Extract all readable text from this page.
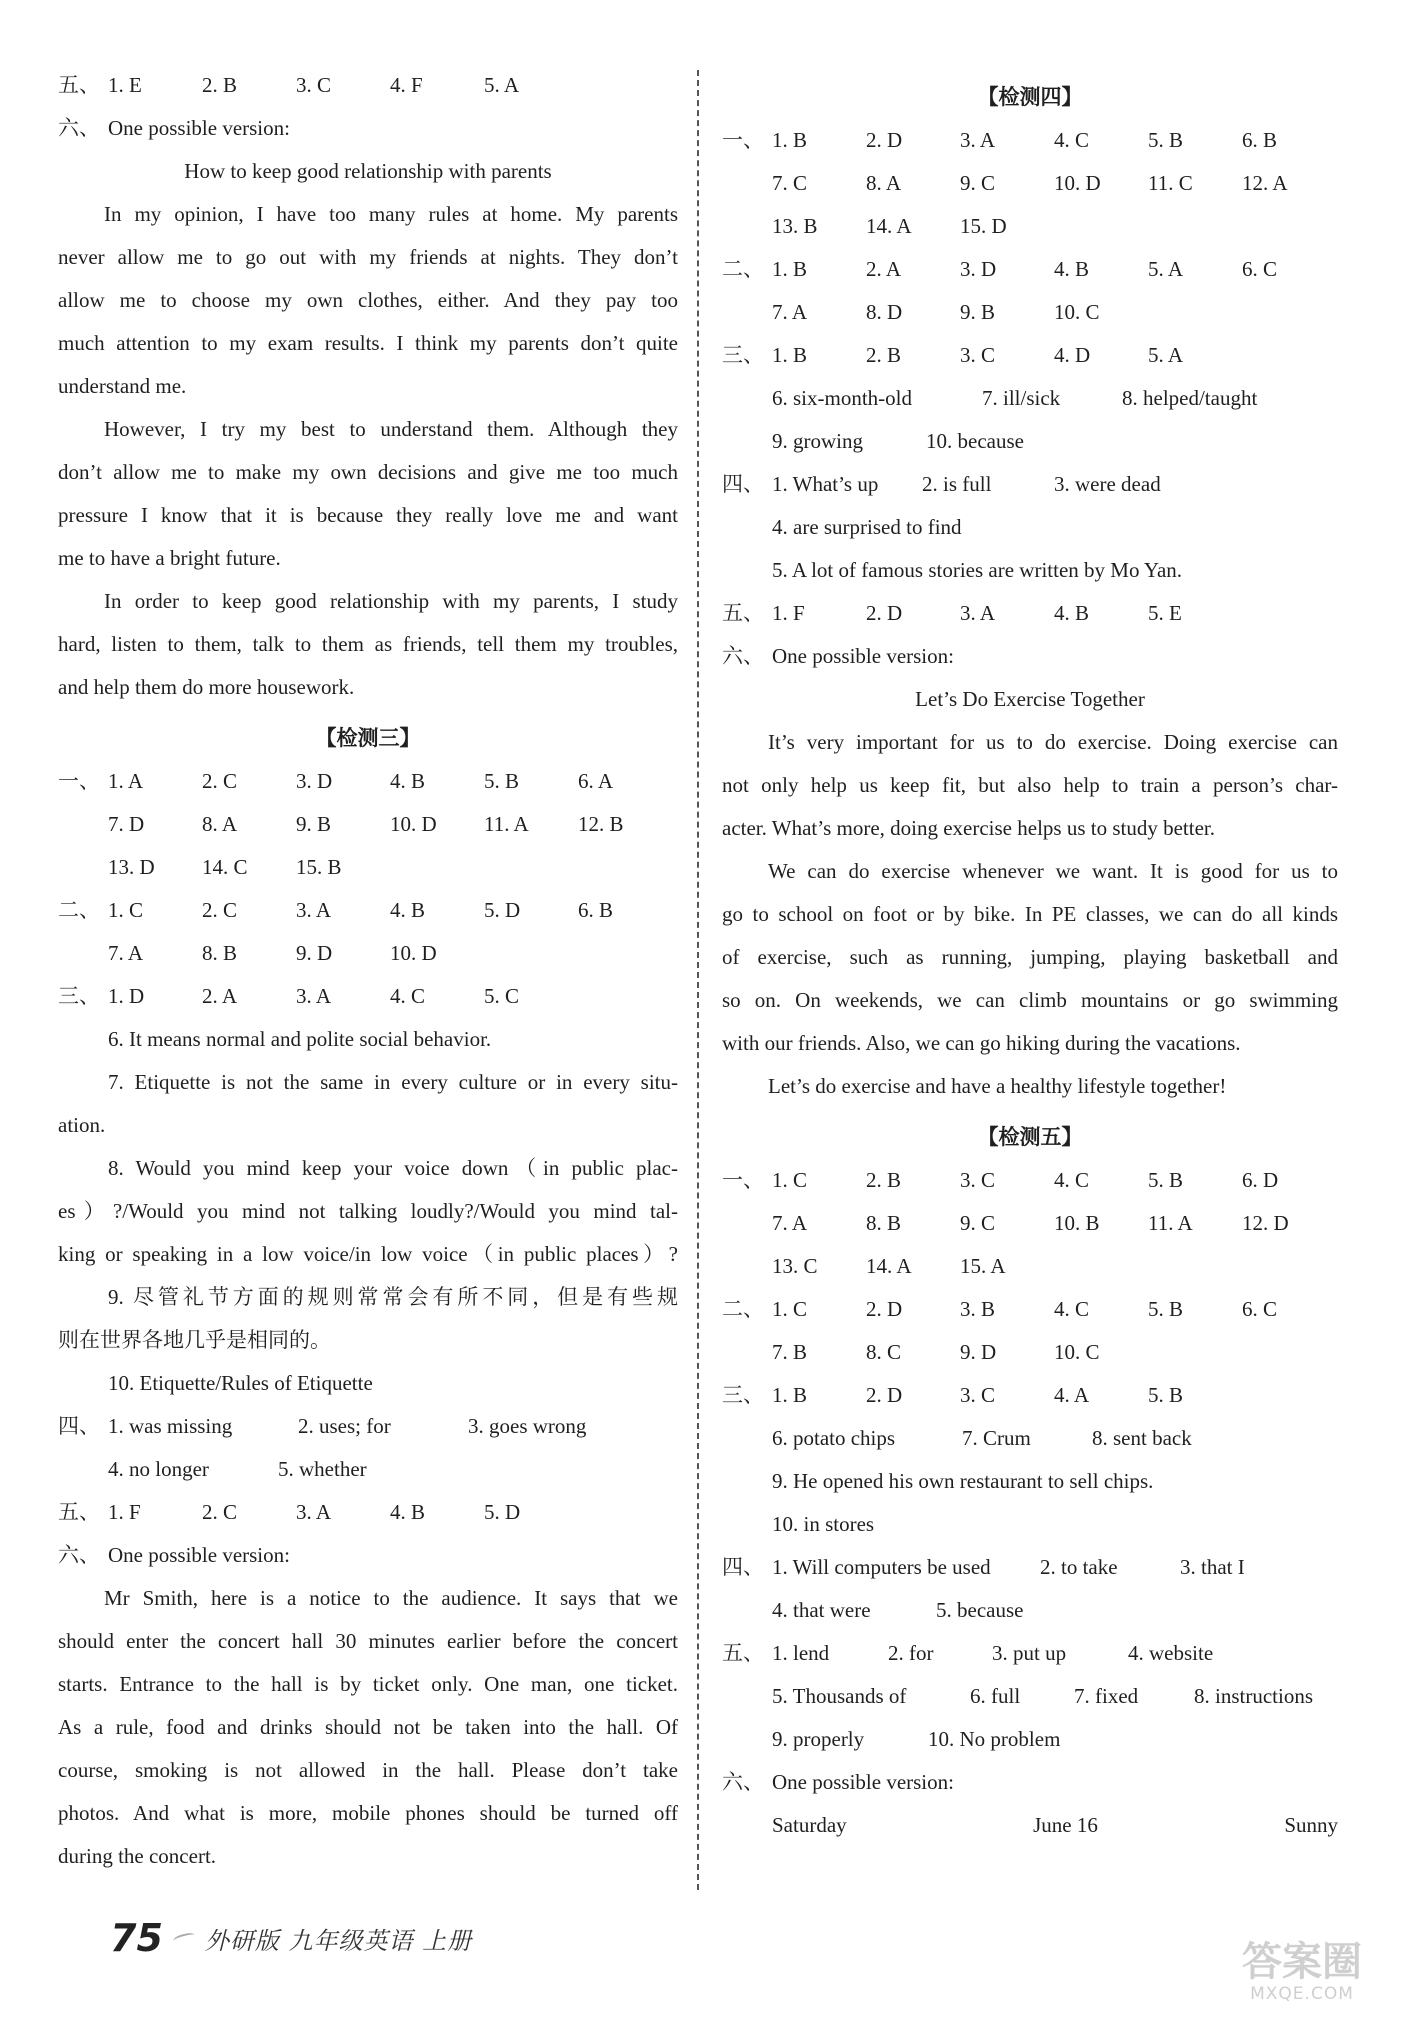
五、 1. E	2. B	3. C	4. F	5. A
六、 One possible version:
How to keep good relationship with parents
In my opinion, I have too many rules at home. My parents
never allow me to go out with my friends at nights. They don’t
allow me to choose my own clothes, either. And they pay too
much attention to my exam results. I think my parents don’t quite
understand me.
However, I try my best to understand them. Although they
don’t allow me to make my own decisions and give me too much
pressure I know that it is because they really love me and want
me to have a bright future.
In order to keep good relationship with my parents, I study
hard, listen to them, talk to them as friends, tell them my troubles,
and help them do more housework.
【检测三】
一、 1. A	2. C	3. D	4. B	5. B	6. A
7. D	8. A	9. B	10. D 11. A 12. B
13. D 14. C 15. B
二、 1. C	2. C	3. A	4. B	5. D	6. B
7. A	8. B	9. D	10. D
三、 1. D	2. A	3. A	4. C	5. C
6. It means normal and polite social behavior.
7. Etiquette is not the same in every culture or in every situ-
ation.
8. Would you mind keep your voice down（in public plac-
es）?/Would you mind not talking loudly?/Would you mind tal-
king or speaking in a low voice/in low voice（in public places）?
9. 尽管礼节方面的规则常常会有所不同，但是有些规
则在世界各地几乎是相同的。
10. Etiquette/Rules of Etiquette
四、 1. was missing	2. uses; for	3. goes wrong
4. no longer	5. whether
五、 1. F	2. C	3. A	4. B	5. D
六、 One possible version:
Mr Smith, here is a notice to the audience. It says that we
should enter the concert hall 30 minutes earlier before the concert
starts. Entrance to the hall is by ticket only. One man, one ticket.
As a rule, food and drinks should not be taken into the hall. Of
course, smoking is not allowed in the hall. Please don’t take
photos. And what is more, mobile phones should be turned off
during the concert.
【检测四】
一、 1. B	2. D	3. A	4. C	5. B	6. B
7. C	8. A	9. C	10. D 11. C 12. A
13. B 14. A 15. D
二、 1. B	2. A	3. D	4. B	5. A	6. C
7. A	8. D	9. B	10. C
三、 1. B	2. B	3. C	4. D	5. A
6. six-month-old	7. ill/sick	8. helped/taught
9. growing	10. because
四、 1. What’s up 2. is full	3. were dead
4. are surprised to find
5. A lot of famous stories are written by Mo Yan.
五、 1. F	2. D	3. A	4. B	5. E
六、 One possible version:
Let’s Do Exercise Together
It’s very important for us to do exercise. Doing exercise can
not only help us keep fit, but also help to train a person’s char-
acter. What’s more, doing exercise helps us to study better.
We can do exercise whenever we want. It is good for us to
go to school on foot or by bike. In PE classes, we can do all kinds
of exercise, such as running, jumping, playing basketball and
so on. On weekends, we can climb mountains or go swimming
with our friends. Also, we can go hiking during the vacations.
Let’s do exercise and have a healthy lifestyle together!
【检测五】
一、 1. C	2. B	3. C	4. C	5. B	6. D
7. A	8. B	9. C	10. B 11. A 12. D
13. C 14. A 15. A
二、 1. C	2. D	3. B	4. C	5. B	6. C
7. B	8. C	9. D	10. C
三、 1. B	2. D	3. C	4. A	5. B
6. potato chips	7. Crum	8. sent back
9. He opened his own restaurant to sell chips.
10. in stores
四、 1. Will computers be used 2. to take	3. that I
4. that were	5. because
五、 1. lend	2. for	3. put up	4. website
5. Thousands of	6. full	7. fixed	8. instructions
9. properly	10. No problem
六、 One possible version:
Saturday	June 16	Sunny
75 外研版 九年级英语 上册	答案圈
MXQE.COM
